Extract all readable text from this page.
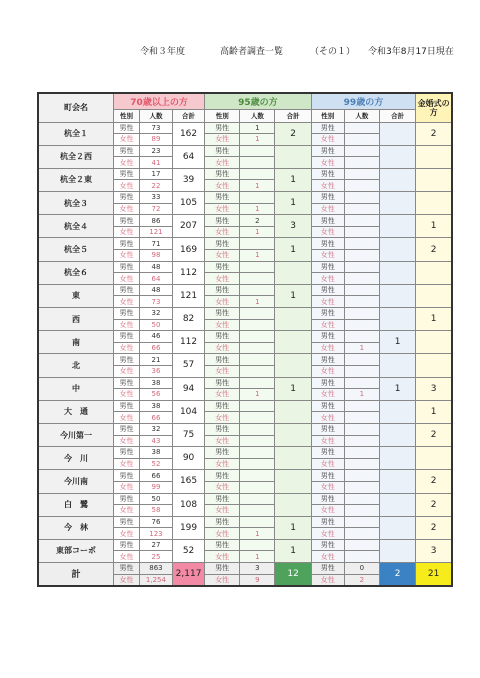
令和３年度	高齢者調査一覧	（その１） 令和3年8月17日現在
町会名	70歳以上の方			95歳の方			99歳の方			金婚式の 方
	性別	人数	合計	性別	人数	合計	性別	人数	合計	
杭全１	男性	73	162	男性	1	2	男性			2
	女性	89		女性	1		女性			
杭全２西	男性	23	64	男性			男性			
	女性	41		女性			女性			
杭全２東	男性	17	39	男性		1	男性			
	女性	22		女性	1		女性			
杭全３	男性	33	105	男性		1	男性			
	女性	72		女性	1		女性			
杭全４	男性	86	207	男性	2	3	男性			1
	女性	121		女性	1		女性			
杭全５	男性	71	169	男性		1	男性			2
	女性	98		女性	1		女性			
杭全６	男性	48	112	男性			男性			
	女性	64		女性			女性			
東	男性	48	121	男性		1	男性			
	女性	73		女性	1		女性			
西	男性	32	82	男性			男性			1
	女性	50		女性			女性			
南	男性	46	112	男性			男性		1	
	女性	66		女性			女性	1		
北	男性	21	57	男性			男性			
	女性	36		女性			女性			
中	男性	38	94	男性		1	男性		1	3
	女性	56		女性	1		女性	1		
大　通	男性	38	104	男性			男性			1
	女性	66		女性			女性			
今川第一	男性	32	75	男性			男性			2
	女性	43		女性			女性			
今　川	男性	38	90	男性			男性			
	女性	52		女性			女性			
今川南	男性	66	165	男性			男性			2
	女性	99		女性			女性			
白　鷺	男性	50	108	男性			男性			2
	女性	58		女性			女性			
今　林	男性	76	199	男性		1	男性			2
	女性	123		女性	1		女性			
東部コーポ	男性	27	52	男性		1	男性			3
	女性	25		女性	1		女性			
計	男性	863	2,117	男性	3	12	男性	0	2	21
	女性	1,254		女性	9		女性	2		
